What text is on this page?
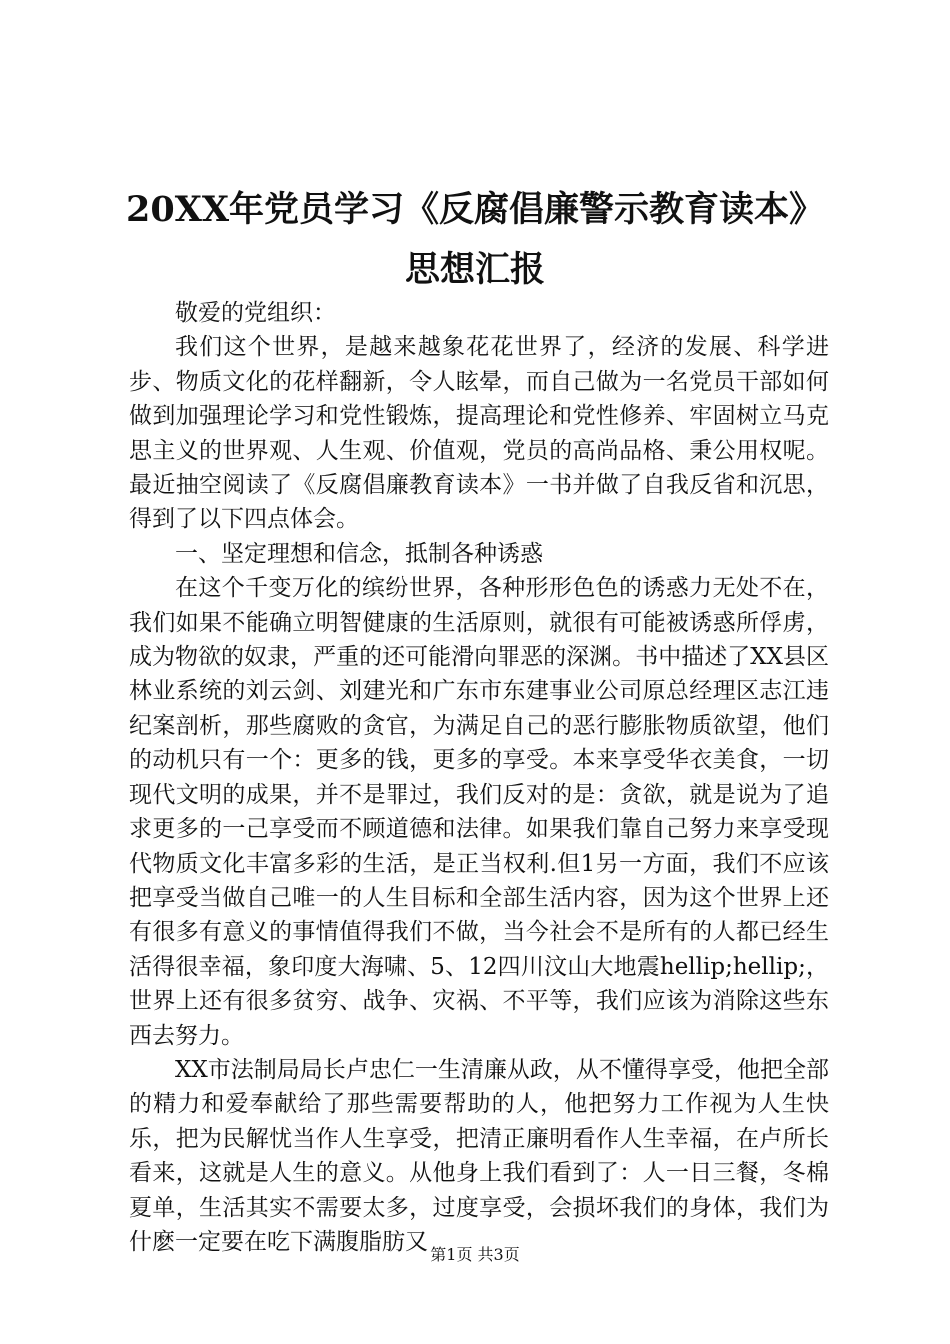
20XX年党员学习《反腐倡廉警示教育读本》
思想汇报

敬爱的党组织：

我们这个世界，是越来越象花花世界了，经济的发展、科学进步、物质文化的花样翻新，令人眩晕，而自己做为一名党员干部如何做到加强理论学习和党性锻炼，提高理论和党性修养、牢固树立马克思主义的世界观、人生观、价值观，党员的高尚品格、秉公用权呢。最近抽空阅读了《反腐倡廉教育读本》一书并做了自我反省和沉思，得到了以下四点体会。

一、坚定理想和信念，抵制各种诱惑

在这个千变万化的缤纷世界，各种形形色色的诱惑力无处不在，我们如果不能确立明智健康的生活原则，就很有可能被诱惑所俘虏，成为物欲的奴隶，严重的还可能滑向罪恶的深渊。书中描述了XX县区林业系统的刘云剑、刘建光和广东市东建事业公司原总经理区志江违纪案剖析，那些腐败的贪官，为满足自己的恶行膨胀物质欲望，他们的动机只有一个：更多的钱，更多的享受。本来享受华衣美食，一切现代文明的成果，并不是罪过，我们反对的是：贪欲，就是说为了追求更多的一己享受而不顾道德和法律。如果我们靠自己努力来享受现代物质文化丰富多彩的生活，是正当权利.但1另一方面，我们不应该把享受当做自己唯一的人生目标和全部生活内容，因为这个世界上还有很多有意义的事情值得我们不做，当今社会不是所有的人都已经生活得很幸福，象印度大海啸、5、12四川汶山大地震hellip;hellip;，世界上还有很多贫穷、战争、灾祸、不平等，我们应该为消除这些东西去努力。

XX市法制局局长卢忠仁一生清廉从政，从不懂得享受，他把全部的精力和爱奉献给了那些需要帮助的人，他把努力工作视为人生快乐，把为民解忧当作人生享受，把清正廉明看作人生幸福，在卢所长看来，这就是人生的意义。从他身上我们看到了：人一日三餐，冬棉夏单，生活其实不需要太多，过度享受，会损坏我们的身体，我们为什麽一定要在吃下满腹脂肪又 第1页 共3页
